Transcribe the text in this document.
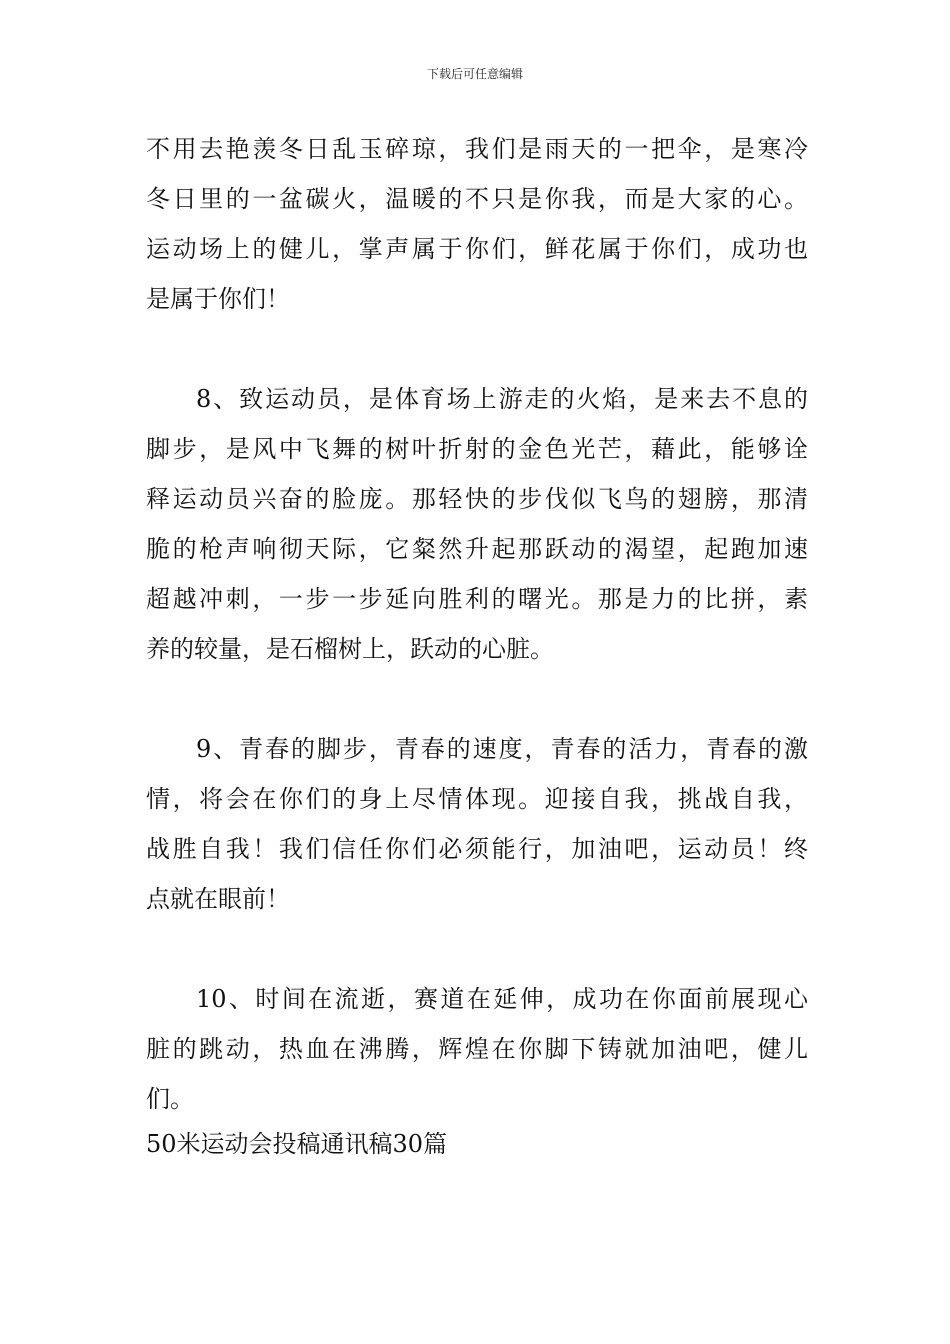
下载后可任意编辑

不用去艳羡冬日乱玉碎琼，我们是雨天的一把伞，是寒冷
冬日里的一盆碳火，温暖的不只是你我，而是大家的心。
运动场上的健儿，掌声属于你们，鲜花属于你们，成功也
是属于你们！

8、致运动员，是体育场上游走的火焰，是来去不息的
脚步，是风中飞舞的树叶折射的金色光芒，藉此，能够诠
释运动员兴奋的脸庞。那轻快的步伐似飞鸟的翅膀，那清
脆的枪声响彻天际，它粲然升起那跃动的渴望，起跑加速
超越冲刺，一步一步延向胜利的曙光。那是力的比拼，素
养的较量，是石榴树上，跃动的心脏。

9、青春的脚步，青春的速度，青春的活力，青春的激
情，将会在你们的身上尽情体现。迎接自我，挑战自我，
战胜自我！我们信任你们必须能行，加油吧，运动员！终
点就在眼前！

10、时间在流逝，赛道在延伸，成功在你面前展现心
脏的跳动，热血在沸腾，辉煌在你脚下铸就加油吧，健儿
们。

50米运动会投稿通讯稿30篇
